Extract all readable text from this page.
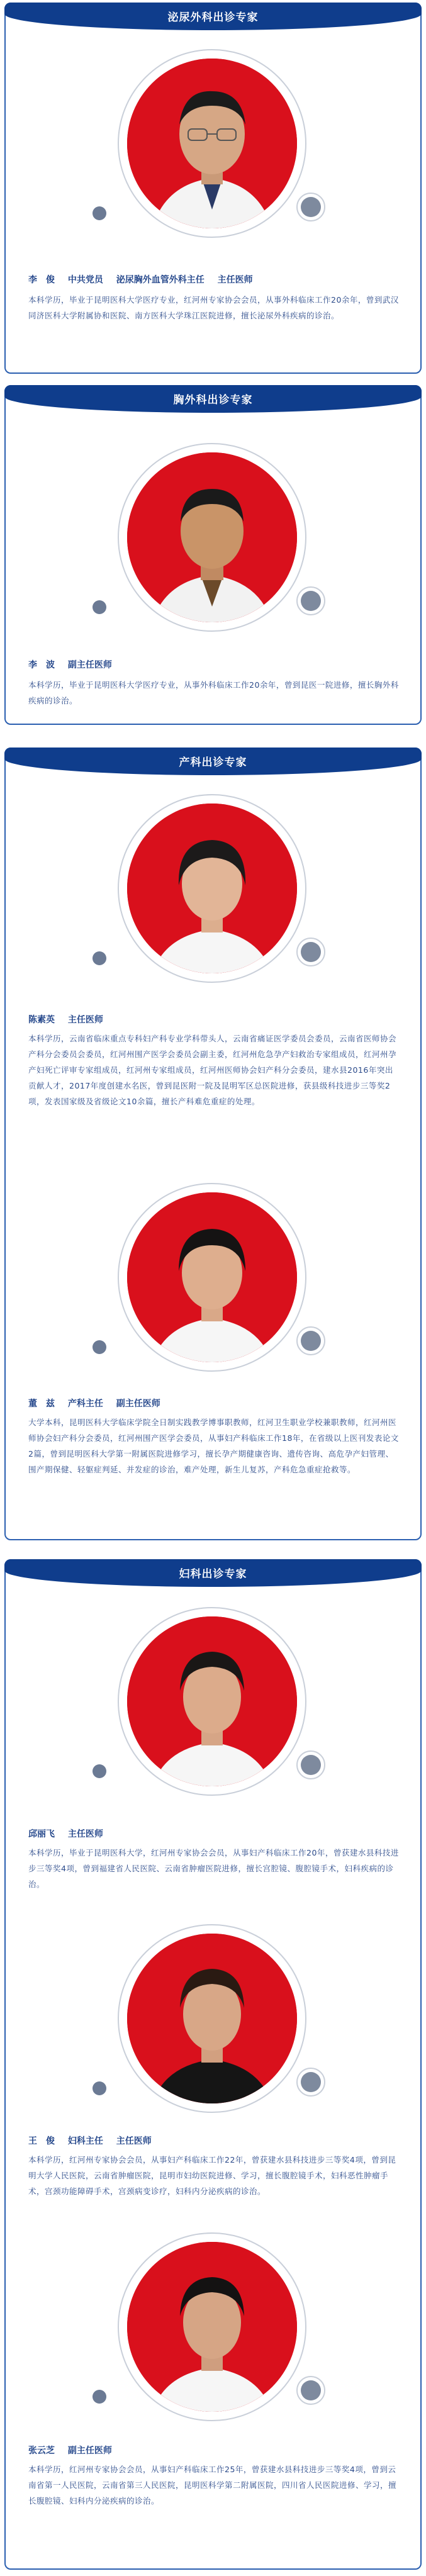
泌尿外科出诊专家
李　俊 中共党员 泌尿胸外血管外科主任 主任医师
本科学历，毕业于昆明医科大学医疗专业，红河州专家协会会员，从事外科临床工作20余年，曾到武汉同济医科大学附属协和医院、南方医科大学珠江医院进修，擅长泌尿外科疾病的诊治。
胸外科出诊专家
李　波 副主任医师
本科学历，毕业于昆明医科大学医疗专业，从事外科临床工作20余年，曾到昆医一院进修，擅长胸外科疾病的诊治。
产科出诊专家
陈素英 主任医师
本科学历，云南省临床重点专科妇产科专业学科带头人，云南省痛证医学委员会委员，云南省医师协会产科分会委员会委员，红河州围产医学会委员会副主委，红河州危急孕产妇救治专家组成员，红河州孕产妇死亡评审专家组成员，红河州专家组成员，红河州医师协会妇产科分会委员，建水县2016年突出贡献人才，2017年度创建水名医，曾到昆医附一院及昆明军区总医院进修，获县级科技进步三等奖2项，发表国家级及省级论文10余篇，擅长产科难危重症的处理。
董　兹 产科主任 副主任医师
大学本科，昆明医科大学临床学院全日制实践教学博事职教师，红河卫生职业学校兼职教师，红河州医师协会妇产科分会委员，红河州围产医学会委员，从事妇产科临床工作18年，在省级以上医刊发表论文2篇，曾到昆明医科大学第一附属医院进修学习，擅长孕产期健康咨询、遗传咨询、高危孕产妇管理、围产期保健、轻躯症判延、并发症的诊治，难产处理，新生儿复苏，产科危急重症抢救等。
妇科出诊专家
邱丽飞 主任医师
本科学历，毕业于昆明医科大学，红河州专家协会会员，从事妇产科临床工作20年，曾获建水县科技进步三等奖4项，曾到福建省人民医院、云南省肿瘤医院进修，擅长宫腔镜、腹腔镜手术，妇科疾病的诊治。
王　俊 妇科主任 主任医师
本科学历，红河州专家协会会员，从事妇产科临床工作22年，曾获建水县科技进步三等奖4项，曾到昆明大学人民医院，云南省肿瘤医院，昆明市妇幼医院进修、学习，擅长腹腔镜手术，妇科恶性肿瘤手术，宫颈功能障碍手术，宫颈病变诊疗，妇科内分泌疾病的诊治。
张云芝 副主任医师
本科学历，红河州专家协会会员，从事妇产科临床工作25年，曾获建水县科技进步三等奖4项，曾到云南省第一人民医院，云南省第三人民医院，昆明医科学第二附属医院，四川省人民医院进修、学习，擅长腹腔镜、妇科内分泌疾病的诊治。
